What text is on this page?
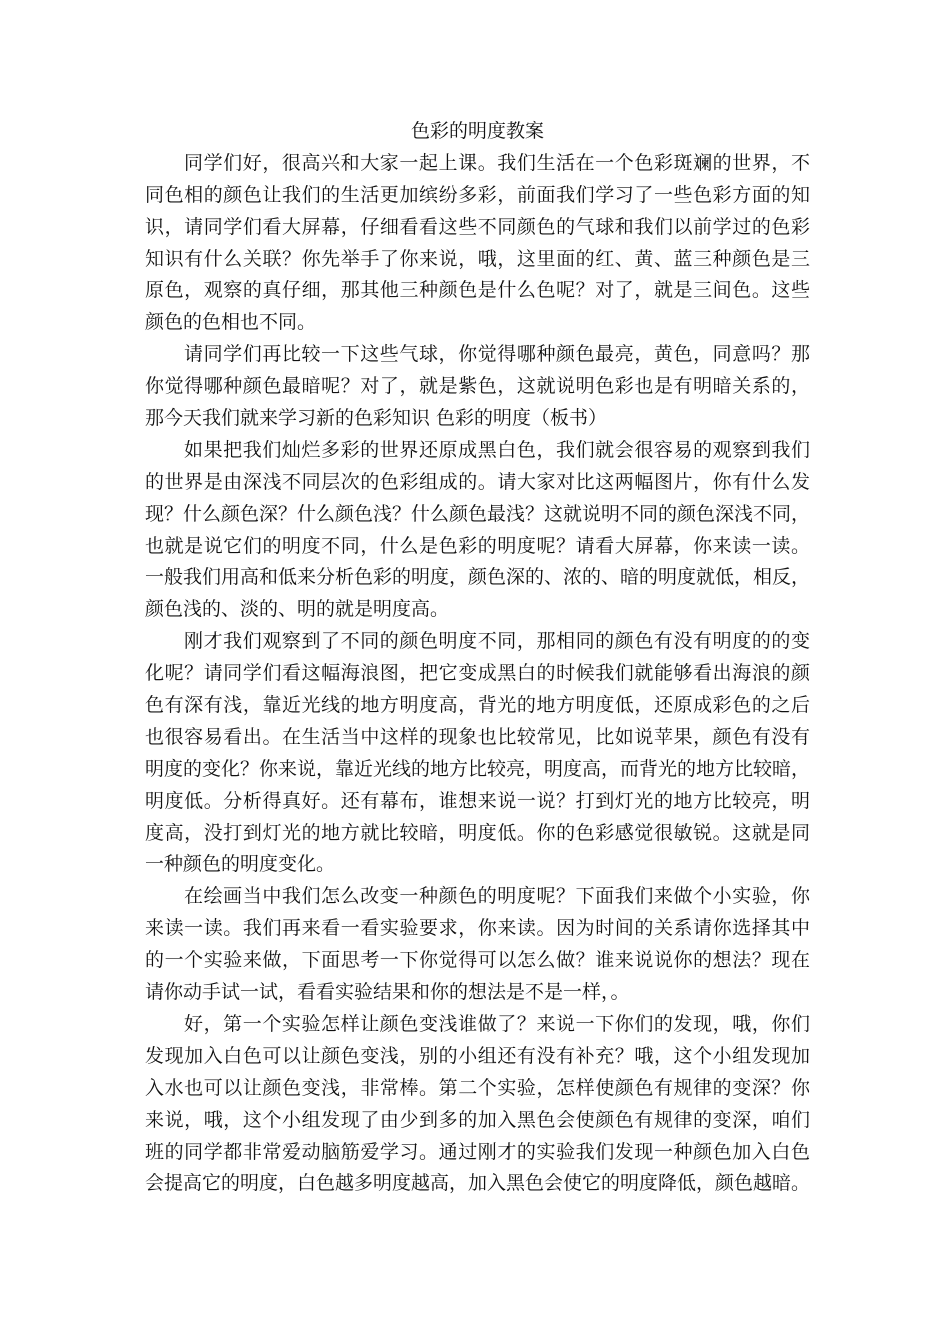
色彩的明度教案
同学们好，很高兴和大家一起上课。我们生活在一个色彩斑斓的世界，不
同色相的颜色让我们的生活更加缤纷多彩，前面我们学习了一些色彩方面的知
识，请同学们看大屏幕，仔细看看这些不同颜色的气球和我们以前学过的色彩
知识有什么关联？你先举手了你来说，哦，这里面的红、黄、蓝三种颜色是三
原色，观察的真仔细，那其他三种颜色是什么色呢？对了，就是三间色。这些
颜色的色相也不同。
请同学们再比较一下这些气球，你觉得哪种颜色最亮，黄色，同意吗？那
你觉得哪种颜色最暗呢？对了，就是紫色，这就说明色彩也是有明暗关系的，
那今天我们就来学习新的色彩知识 色彩的明度（板书）
如果把我们灿烂多彩的世界还原成黑白色，我们就会很容易的观察到我们
的世界是由深浅不同层次的色彩组成的。请大家对比这两幅图片，你有什么发
现？什么颜色深？什么颜色浅？什么颜色最浅？这就说明不同的颜色深浅不同，
也就是说它们的明度不同，什么是色彩的明度呢？请看大屏幕，你来读一读。
一般我们用高和低来分析色彩的明度，颜色深的、浓的、暗的明度就低，相反，
颜色浅的、淡的、明的就是明度高。
刚才我们观察到了不同的颜色明度不同，那相同的颜色有没有明度的的变
化呢？请同学们看这幅海浪图，把它变成黑白的时候我们就能够看出海浪的颜
色有深有浅，靠近光线的地方明度高，背光的地方明度低，还原成彩色的之后
也很容易看出。在生活当中这样的现象也比较常见，比如说苹果，颜色有没有
明度的变化？你来说，靠近光线的地方比较亮，明度高，而背光的地方比较暗，
明度低。分析得真好。还有幕布，谁想来说一说？打到灯光的地方比较亮，明
度高，没打到灯光的地方就比较暗，明度低。你的色彩感觉很敏锐。这就是同
一种颜色的明度变化。
在绘画当中我们怎么改变一种颜色的明度呢？下面我们来做个小实验，你
来读一读。我们再来看一看实验要求，你来读。因为时间的关系请你选择其中
的一个实验来做，下面思考一下你觉得可以怎么做？谁来说说你的想法？现在
请你动手试一试，看看实验结果和你的想法是不是一样，。
好，第一个实验怎样让颜色变浅谁做了？来说一下你们的发现，哦，你们
发现加入白色可以让颜色变浅，别的小组还有没有补充？哦，这个小组发现加
入水也可以让颜色变浅，非常棒。第二个实验，怎样使颜色有规律的变深？你
来说，哦，这个小组发现了由少到多的加入黑色会使颜色有规律的变深，咱们
班的同学都非常爱动脑筋爱学习。通过刚才的实验我们发现一种颜色加入白色
会提高它的明度，白色越多明度越高，加入黑色会使它的明度降低，颜色越暗。
